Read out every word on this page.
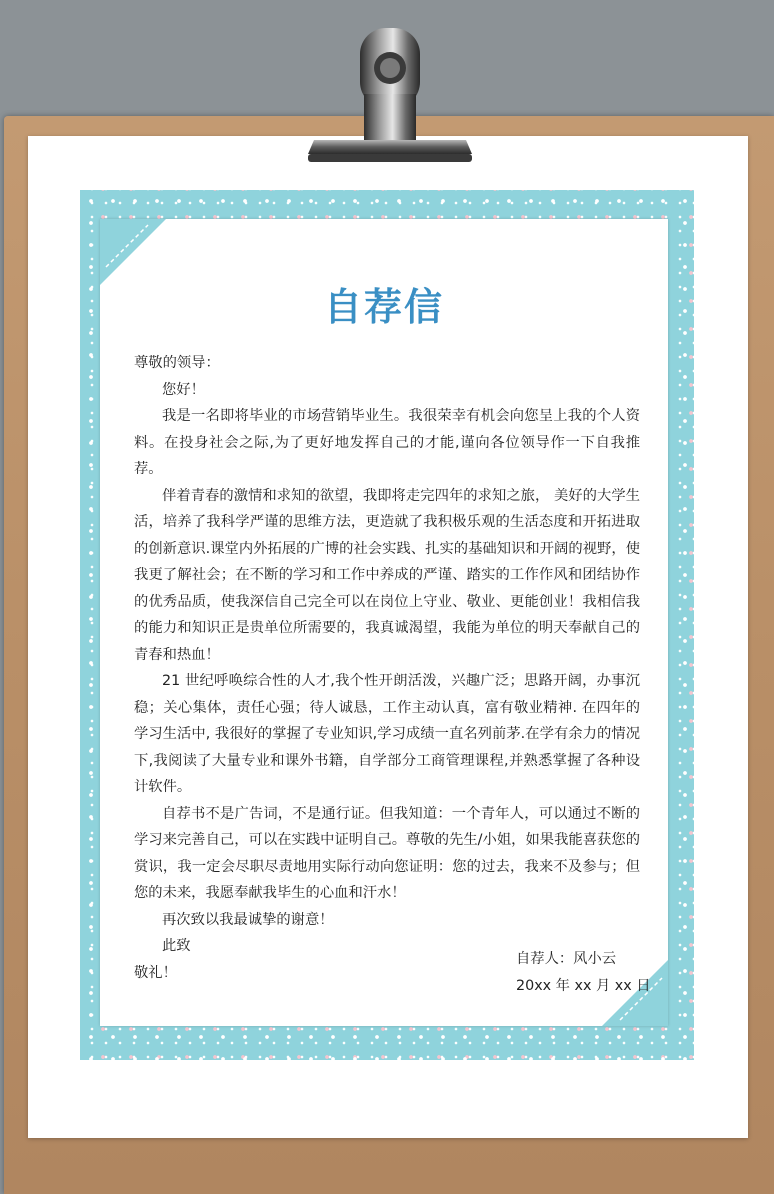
自荐信

尊敬的领导：

您好！

我是一名即将毕业的市场营销毕业生。我很荣幸有机会向您呈上我的个人资料。在投身社会之际,为了更好地发挥自己的才能,谨向各位领导作一下自我推荐。

伴着青春的激情和求知的欲望，我即将走完四年的求知之旅， 美好的大学生活，培养了我科学严谨的思维方法，更造就了我积极乐观的生活态度和开拓进取的创新意识.课堂内外拓展的广博的社会实践、扎实的基础知识和开阔的视野，使我更了解社会；在不断的学习和工作中养成的严谨、踏实的工作作风和团结协作的优秀品质，使我深信自己完全可以在岗位上守业、敬业、更能创业！我相信我的能力和知识正是贵单位所需要的，我真诚渴望，我能为单位的明天奉献自己的青春和热血！

21 世纪呼唤综合性的人才,我个性开朗活泼，兴趣广泛；思路开阔，办事沉稳；关心集体，责任心强；待人诚恳，工作主动认真，富有敬业精神. 在四年的学习生活中, 我很好的掌握了专业知识,学习成绩一直名列前茅.在学有余力的情况下,我阅读了大量专业和课外书籍，自学部分工商管理课程,并熟悉掌握了各种设计软件。

自荐书不是广告词，不是通行证。但我知道：一个青年人，可以通过不断的学习来完善自己，可以在实践中证明自己。尊敬的先生/小姐，如果我能喜获您的赏识，我一定会尽职尽责地用实际行动向您证明：您的过去，我来不及参与；但您的未来，我愿奉献我毕生的心血和汗水！

再次致以我最诚挚的谢意！

此致

敬礼！

自荐人：风小云
20xx 年 xx 月 xx 日
